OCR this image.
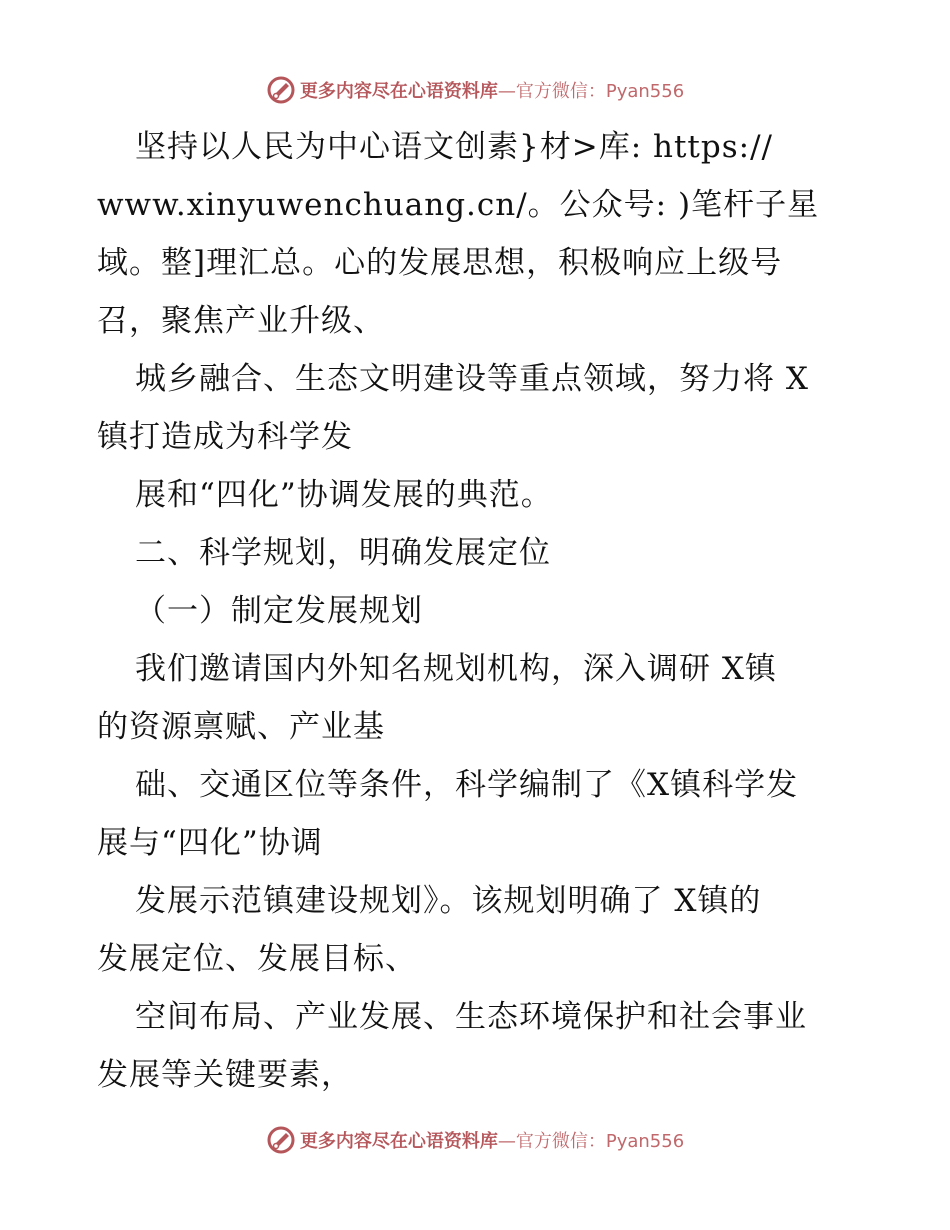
更多内容尽在心语资料库 —官方微信：Pyan556
坚持以人民为中心语文创素}材>库: https://
www.xinyuwenchuang.cn/。公众号: )笔杆子星
域。整]理汇总。心的发展思想，积极响应上级号
召，聚焦产业升级、
城乡融合、生态文明建设等重点领域，努力将 X
镇打造成为科学发
展和“四化”协调发展的典范。
二、科学规划，明确发展定位
（一）制定发展规划
我们邀请国内外知名规划机构，深入调研 X镇
的资源禀赋、产业基
础、交通区位等条件，科学编制了《X镇科学发
展与“四化”协调
发展示范镇建设规划》。该规划明确了 X镇的
发展定位、发展目标、
空间布局、产业发展、生态环境保护和社会事业
发展等关键要素，
更多内容尽在心语资料库 —官方微信：Pyan556
